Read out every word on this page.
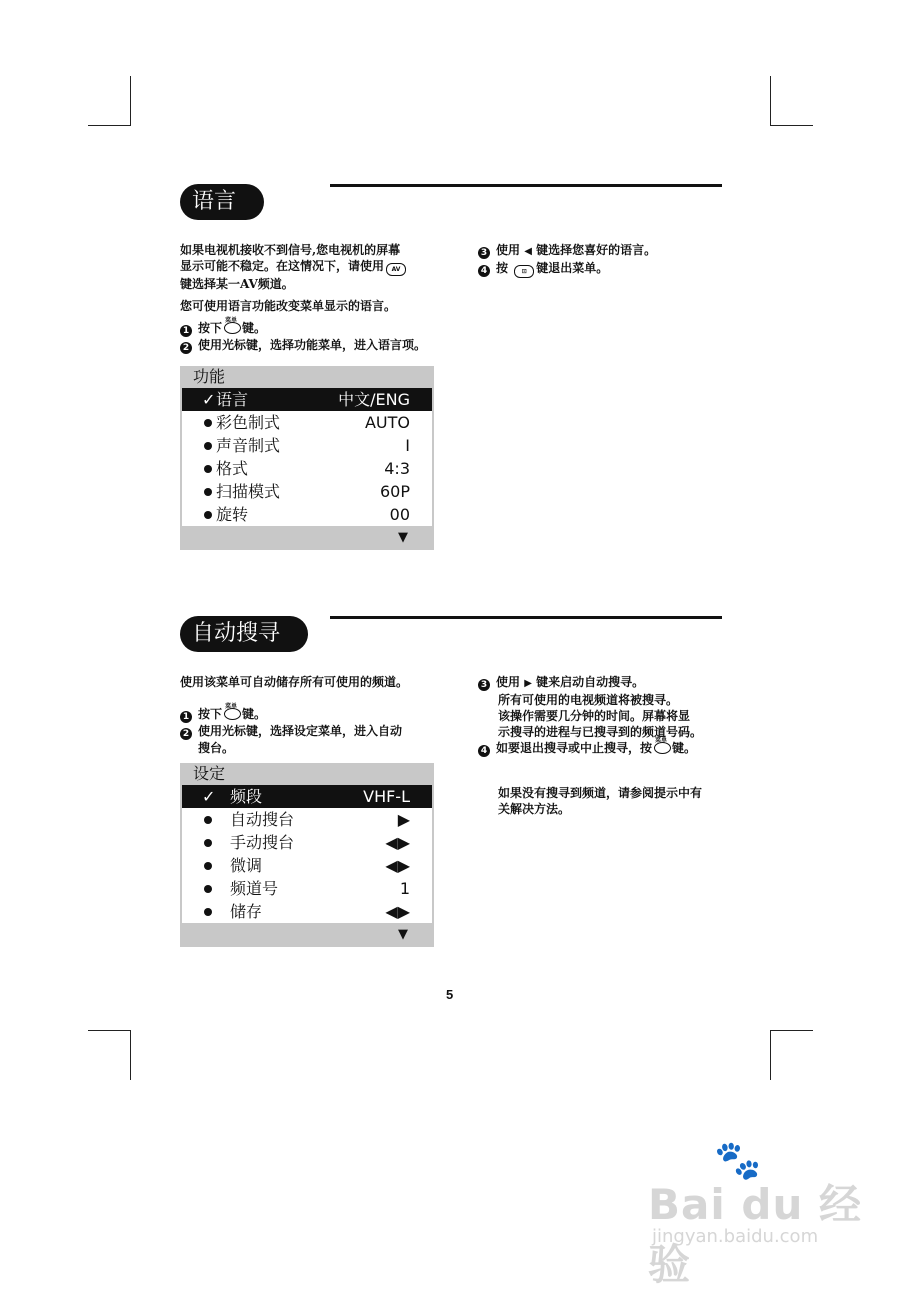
语言

如果电视机接收不到信号,您电视机的屏幕

显示可能不稳定。在这情况下，请使用 AV

键选择某一AV频道。

您可使用语言功能改变菜单显示的语言。

1 按下
菜单
键。

2 使用光标键，选择功能菜单，进入语言项。

3 使用 ◀ 键选择您喜好的语言。

4 按 ⊡ 键退出菜单。

功能
✓ 语言	中文/ENG
彩色制式	AUTO
声音制式	I
格式	4:3
扫描模式	60P
旋转	00
▼
自动搜寻

使用该菜单可自动储存所有可使用的频道。

1 按下
菜单
键。

2 使用光标键，选择设定菜单，进入自动

搜台。

3 使用 ▶ 键来启动自动搜寻。

所有可使用的电视频道将被搜寻。

该操作需要几分钟的时间。屏幕将显

示搜寻的进程与已搜寻到的频道号码。

4 如要退出搜寻或中止搜寻，按
菜单
键。

如果没有搜寻到频道，请参阅提示中有

关解决方法。

设定
✓ 频段	VHF-L
自动搜台	▶
手动搜台	◀▶
微调	◀▶
频道号	1
储存	◀▶
▼
5
🐾
Bai du 经验
jingyan.baidu.com
